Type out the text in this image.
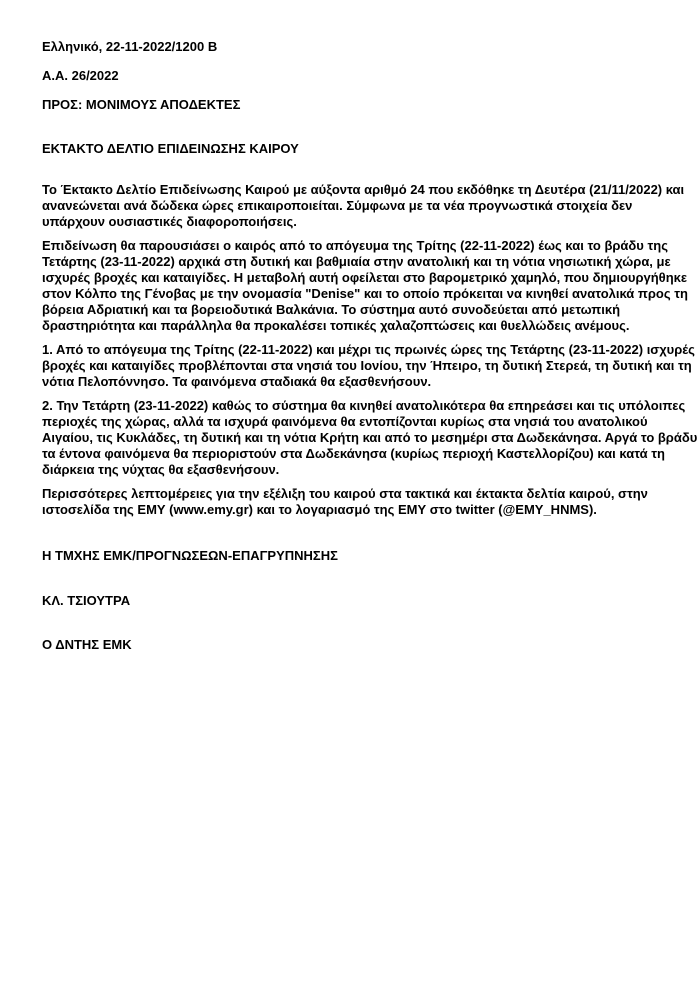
Ελληνικό, 22-11-2022/1200 Β
Α.Α. 26/2022
ΠΡΟΣ: ΜΟΝΙΜΟΥΣ ΑΠΟΔΕΚΤΕΣ
ΕΚΤΑΚΤΟ ΔΕΛΤΙΟ ΕΠΙΔΕΙΝΩΣΗΣ ΚΑΙΡΟΥ

Το Έκτακτο Δελτίο Επιδείνωσης Καιρού με αύξοντα αριθμό 24 που εκδόθηκε τη Δευτέρα (21/11/2022) και ανανεώνεται ανά δώδεκα ώρες επικαιροποιείται. Σύμφωνα με τα νέα προγνωστικά στοιχεία δεν υπάρχουν ουσιαστικές διαφοροποιήσεις.

Επιδείνωση θα παρουσιάσει ο καιρός από το απόγευμα της Τρίτης (22-11-2022) έως και το βράδυ της Τετάρτης (23-11-2022) αρχικά στη δυτική και βαθμιαία στην ανατολική και τη νότια νησιωτική χώρα, με ισχυρές βροχές και καταιγίδες. Η μεταβολή αυτή οφείλεται στο βαρομετρικό χαμηλό, που δημιουργήθηκε στον Κόλπο της Γένοβας με την ονομασία "Denise" και το οποίο πρόκειται να κινηθεί ανατολικά προς τη βόρεια Αδριατική και τα βορειοδυτικά Βαλκάνια. Το σύστημα αυτό συνοδεύεται από μετωπική δραστηριότητα και παράλληλα θα προκαλέσει τοπικές χαλαζοπτώσεις και θυελλώδεις ανέμους.

1. Από το απόγευμα της Τρίτης (22-11-2022) και μέχρι τις πρωινές ώρες της Τετάρτης (23-11-2022) ισχυρές βροχές και καταιγίδες προβλέπονται στα νησιά του Ιονίου, την Ήπειρο, τη δυτική Στερεά, τη δυτική και τη νότια Πελοπόννησο. Τα φαινόμενα σταδιακά θα εξασθενήσουν.

2. Την Τετάρτη (23-11-2022) καθώς το σύστημα θα κινηθεί ανατολικότερα θα επηρεάσει και τις υπόλοιπες περιοχές της χώρας, αλλά τα ισχυρά φαινόμενα θα εντοπίζονται κυρίως στα νησιά του ανατολικού Αιγαίου, τις Κυκλάδες, τη δυτική και τη νότια Κρήτη και από το μεσημέρι στα Δωδεκάνησα. Αργά το βράδυ τα έντονα φαινόμενα θα περιοριστούν στα Δωδεκάνησα (κυρίως περιοχή Καστελλορίζου) και κατά τη διάρκεια της νύχτας θα εξασθενήσουν.

Περισσότερες λεπτομέρειες για την εξέλιξη του καιρού στα τακτικά και έκτακτα δελτία καιρού, στην ιστοσελίδα της ΕΜΥ (www.emy.gr) και το λογαριασμό της ΕΜΥ στο twitter (@EMY_HNMS).

Η ΤΜΧΗΣ ΕΜΚ/ΠΡΟΓΝΩΣΕΩΝ-ΕΠΑΓΡΥΠΝΗΣΗΣ
ΚΛ. ΤΣΙΟΥΤΡΑ
Ο ΔΝΤΗΣ ΕΜΚ
